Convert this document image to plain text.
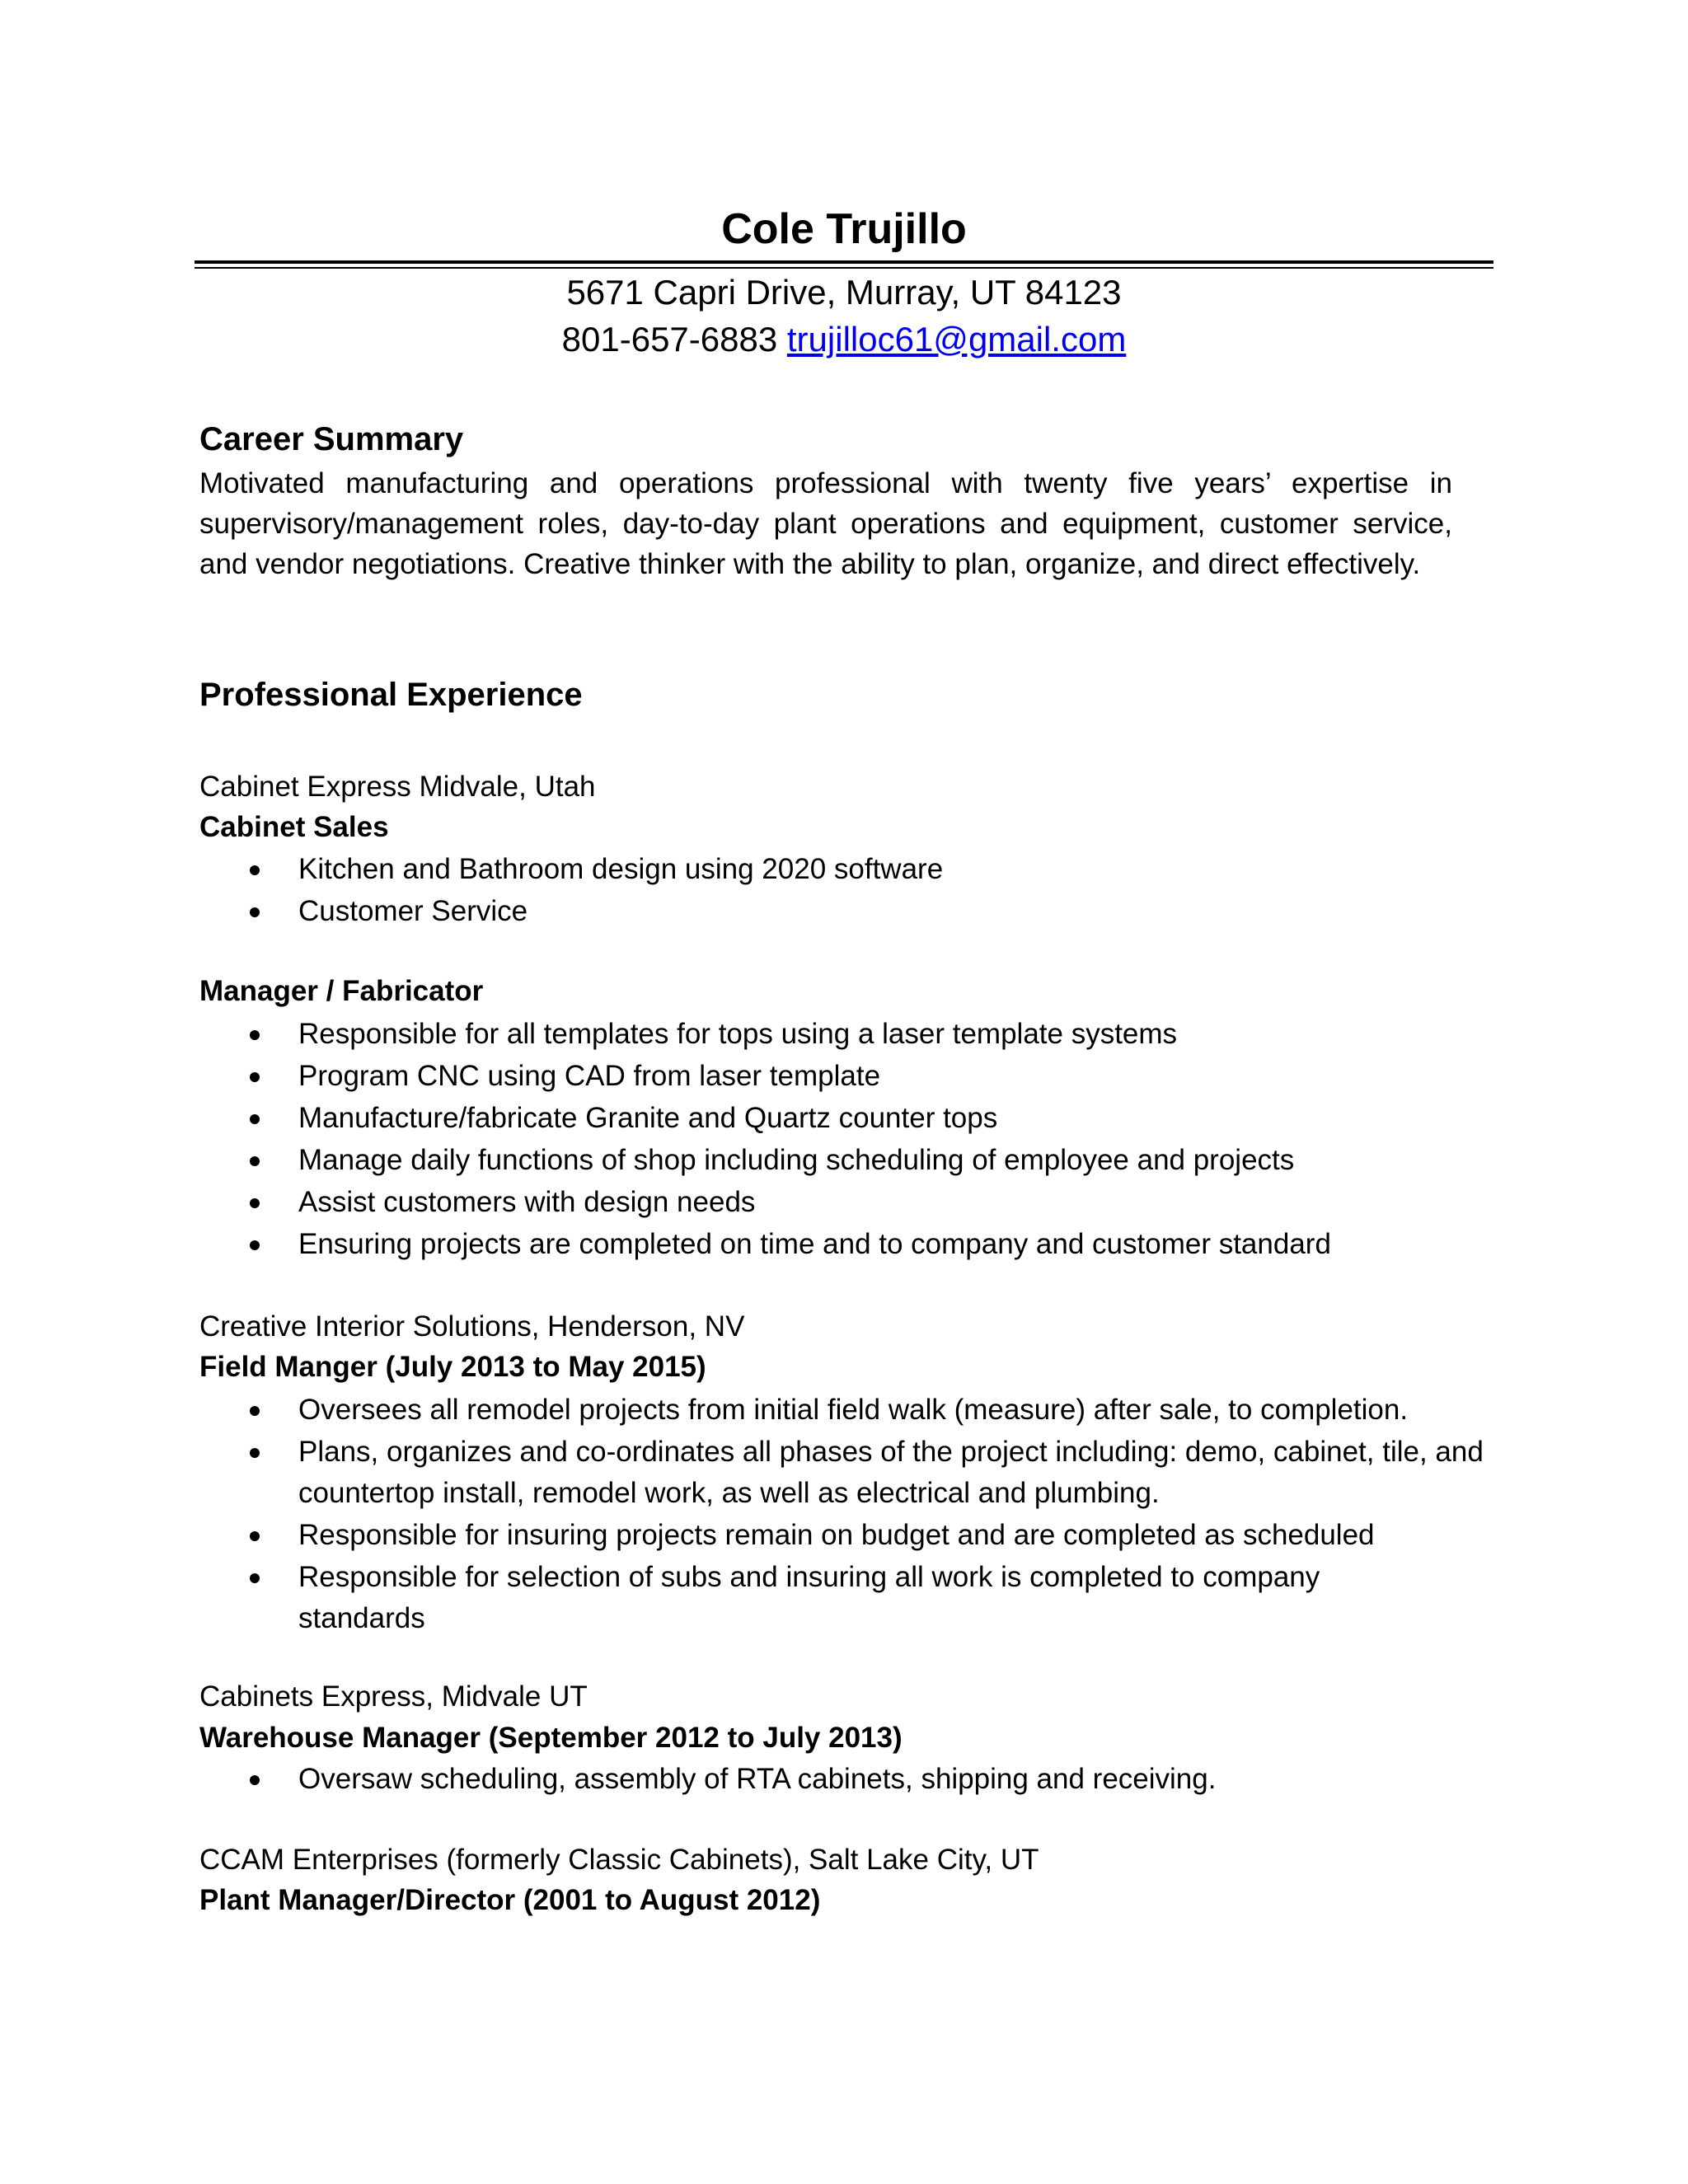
Cole Trujillo
5671 Capri Drive, Murray, UT 84123
801-657-6883 trujilloc61@gmail.com
Career Summary
Motivated manufacturing and operations professional with twenty five years’ expertise in supervisory/management roles, day-to-day plant operations and equipment, customer service, and vendor negotiations. Creative thinker with the ability to plan, organize, and direct effectively.
Professional Experience
Cabinet Express Midvale, Utah
Cabinet Sales
Kitchen and Bathroom design using 2020 software
Customer Service
Manager / Fabricator
Responsible for all templates for tops using a laser template systems
Program CNC using CAD from laser template
Manufacture/fabricate Granite and Quartz counter tops
Manage daily functions of shop including scheduling of employee and projects
Assist customers with design needs
Ensuring projects are completed on time and to company and customer standard
Creative Interior Solutions, Henderson, NV
Field Manger (July 2013 to May 2015)
Oversees all remodel projects from initial field walk (measure) after sale, to completion.
Plans, organizes and co-ordinates all phases of the project including: demo, cabinet, tile, and countertop install, remodel work, as well as electrical and plumbing.
Responsible for insuring projects remain on budget and are completed as scheduled
Responsible for selection of subs and insuring all work is completed to company standards
Cabinets Express, Midvale UT
Warehouse Manager (September 2012 to July 2013)
Oversaw scheduling, assembly of RTA cabinets, shipping and receiving.
CCAM Enterprises (formerly Classic Cabinets), Salt Lake City, UT
Plant Manager/Director (2001 to August 2012)
